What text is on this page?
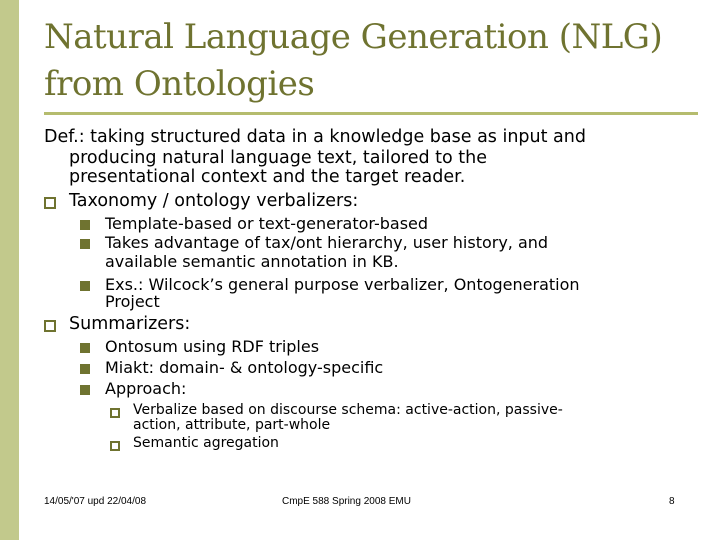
Natural Language Generation (NLG)
from Ontologies
Def.: taking structured data in a knowledge base as input and
producing natural language text, tailored to the
presentational context and the target reader.
Taxonomy / ontology verbalizers:
Template-based or text-generator-based
Takes advantage of tax/ont hierarchy, user history, and
available semantic annotation in KB.
Exs.: Wilcock’s general purpose verbalizer, Ontogeneration
Project
Summarizers:
Ontosum using RDF triples
Miakt: domain- & ontology-specific
Approach:
Verbalize based on discourse schema: active-action, passive-
action, attribute, part-whole
Semantic agregation
14/05/'07 upd 22/04/08	CmpE 588 Spring 2008 EMU	8
